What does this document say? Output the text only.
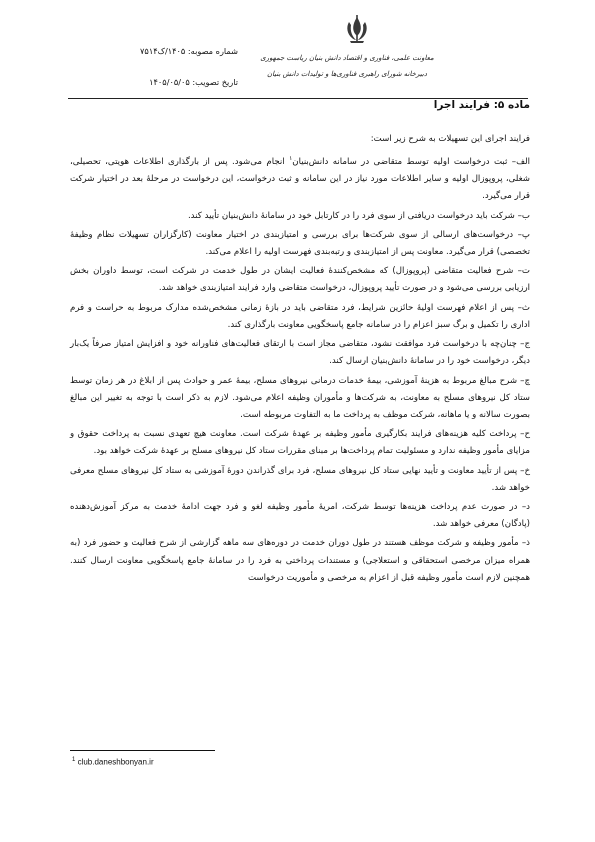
شماره مصوبه: ۱۴۰۵/ک۷۵۱۴
تاریخ تصویب: ۱۴۰۵/۰۵/۰۵
معاونت علمی، فناوری و اقتصاد دانش بنیان ریاست جمهوری
دبیرخانه شورای راهبری فناوری‌ها و تولیدات دانش بنیان
ماده ۵: فرایند اجرا

فرایند اجرای این تسهیلات به شرح زیر است:

الف– ثبت درخواست اولیه توسط متقاضی در سامانه دانش‌بنیان$^۱$ انجام می‌شود. پس از بارگذاری اطلاعات هویتی، تحصیلی، شغلی، پروپوزال اولیه و سایر اطلاعات مورد نیاز در این سامانه و ثبت درخواست، این درخواست در مرحلهٔ بعد در اختیار شرکت قرار می‌گیرد.

ب– شرکت باید درخواست دریافتی از سوی فرد را در کارتابل خود در سامانهٔ دانش‌بنیان تأیید کند.

پ– درخواست‌های ارسالی از سوی شرکت‌ها برای بررسی و امتیازبندی در اختیار معاونت (کارگزاران تسهیلات نظام وظیفهٔ تخصصی) قرار می‌گیرد. معاونت پس از امتیازبندی و رتبه‌بندی فهرست اولیه را اعلام می‌کند.

ت– شرح فعالیت متقاضی (پروپوزال) که مشخص‌کنندهٔ فعالیت ایشان در طول خدمت در شرکت است، توسط داوران بخش ارزیابی بررسی می‌شود و در صورت تأیید پروپوزال، درخواست متقاضی وارد فرایند امتیازبندی خواهد شد.

ث– پس از اعلام فهرست اولیهٔ حائزین شرایط، فرد متقاضی باید در بازهٔ زمانی مشخص‌شده مدارک مربوط به حراست و فرم اداری را تکمیل و برگ سبز اعزام را در سامانه جامع پاسخگویی معاونت بارگذاری کند.

ج– چنان‌چه با درخواست فرد موافقت نشود، متقاضی مجاز است با ارتقای فعالیت‌های فناورانه خود و افزایش امتیاز صرفاً یک‌بار دیگر، درخواست خود را در سامانهٔ دانش‌بنیان ارسال کند.

چ– شرح مبالغ مربوط به هزینهٔ آموزشی، بیمهٔ خدمات درمانی نیروهای مسلح، بیمهٔ عمر و حوادث پس از ابلاغ در هر زمان توسط ستاد کل نیروهای مسلح به معاونت، به شرکت‌ها و مأموران وظیفه اعلام می‌شود. لازم به ذکر است با توجه به تغییر این مبالغ بصورت سالانه و یا ماهانه، شرکت موظف به پرداخت ما به التفاوت مربوطه است.

ح– پرداخت کلیه هزینه‌های فرایند بکارگیری مأمور وظیفه بر عهدهٔ شرکت است. معاونت هیچ تعهدی نسبت به پرداخت حقوق و مزایای مأمور وظیفه ندارد و مسئولیت تمام پرداخت‌ها بر مبنای مقررات ستاد کل نیروهای مسلح بر عهدهٔ شرکت خواهد بود.

خ– پس از تأیید معاونت و تأیید نهایی ستاد کل نیروهای مسلح، فرد برای گذراندن دورهٔ آموزشی به ستاد کل نیروهای مسلح معرفی خواهد شد.

د– در صورت عدم پرداخت هزینه‌ها توسط شرکت، امریهٔ مأمور وظیفه لغو و فرد جهت ادامهٔ خدمت به مرکز آموزش‌دهنده (پادگان) معرفی خواهد شد.

ذ– مأمور وظیفه و شرکت موظف هستند در طول دوران خدمت در دوره‌های سه ماهه گزارشی از شرح فعالیت و حضور فرد (به همراه میزان مرخصی استحقاقی و استعلاجی) و مستندات پرداختی به فرد را در سامانهٔ جامع پاسخگویی معاونت ارسال کنند. همچنین لازم است مأمور وظیفه قبل از اعزام به مرخصی و مأموریت درخواست

$^1$ club.daneshbonyan.ir
